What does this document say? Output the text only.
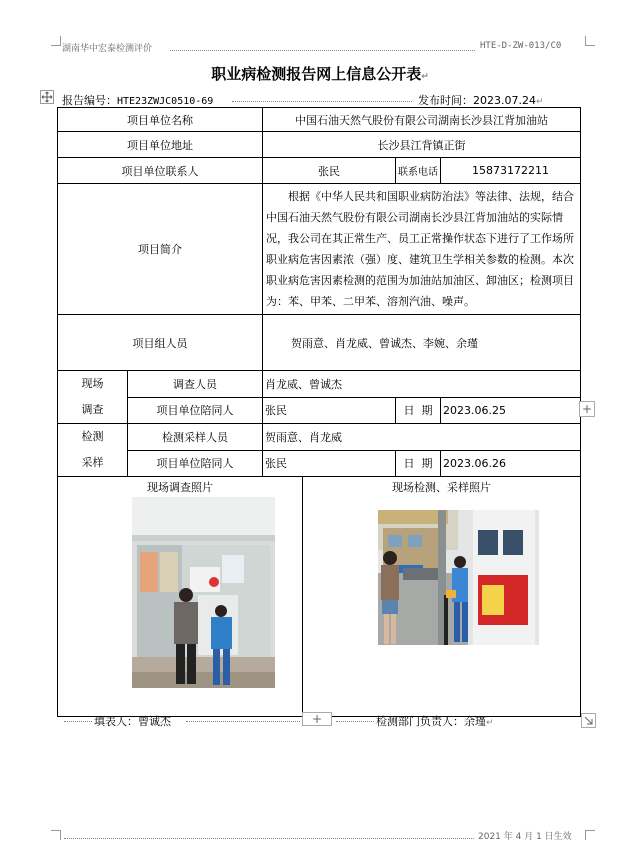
湖南华中宏泰检测评价	HTE-D-ZW-013/C0
职业病检测报告网上信息公开表↵
报告编号：HTE23ZWJC0510-69	发布时间：2023.07.24↵
项目单位名称		中国石油天然气股份有限公司湖南长沙县江背加油站			
项目单位地址		长沙县江背镇正街			
项目单位联系人		张民		联系电话	15873172211
项目简介		根据《中华人民共和国职业病防治法》等法律、法规，结合中国石油天然气股份有限公司湖南长沙县江背加油站的实际情况，我公司在其正常生产、员工正常操作状态下进行了工作场所职业病危害因素浓（强）度、建筑卫生学相关参数的检测。本次职业病危害因素检测的范围为加油站加油区、卸油区；检测项目为：苯、甲苯、二甲苯、溶剂汽油、噪声。			
项目组人员		贺雨意、肖龙威、曾诚杰、李婉、余瑾			
现场
调查	调查人员	肖龙威、曾诚杰			
	项目单位陪同人	张民		日  期	2023.06.25
检测
采样	检测采样人员	贺雨意、肖龙威			
	项目单位陪同人	张民		日  期	2023.06.26
现场调查照片			现场检测、采样照片		
+
填表人：曾诚杰	+	检测部门负责人：余瑾↵
2021 年 4 月 1 日生效
